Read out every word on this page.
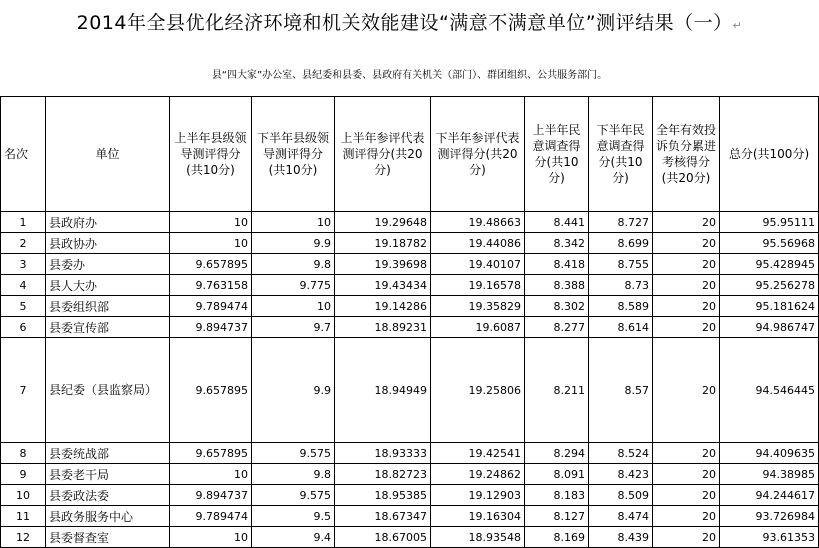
2014年全县优化经济环境和机关效能建设“满意不满意单位”测评结果（一）↵
县“四大家”办公室、县纪委和县委、县政府有关机关（部门）、群团组织、公共服务部门。
名次	单位	上半年县级领导测评得分(共10分)	下半年县级领导测评得分(共10分)	上半年参评代表测评得分(共20分)	下半年参评代表测评得分(共20分)	上半年民意调查得分(共10分)	下半年民意调查得分(共10分)	全年有效投诉负分累进考核得分(共20分)	总分(共100分)
1	县政府办	10	10	19.29648	19.48663	8.441	8.727	20	95.95111
2	县政协办	10	9.9	19.18782	19.44086	8.342	8.699	20	95.56968
3	县委办	9.657895	9.8	19.39698	19.40107	8.418	8.755	20	95.428945
4	县人大办	9.763158	9.775	19.43434	19.16578	8.388	8.73	20	95.256278
5	县委组织部	9.789474	10	19.14286	19.35829	8.302	8.589	20	95.181624
6	县委宣传部	9.894737	9.7	18.89231	19.6087	8.277	8.614	20	94.986747
7	县纪委（县监察局）	9.657895	9.9	18.94949	19.25806	8.211	8.57	20	94.546445
8	县委统战部	9.657895	9.575	18.93333	19.42541	8.294	8.524	20	94.409635
9	县委老干局	10	9.8	18.82723	19.24862	8.091	8.423	20	94.38985
10	县委政法委	9.894737	9.575	18.95385	19.12903	8.183	8.509	20	94.244617
11	县政务服务中心	9.789474	9.5	18.67347	19.16304	8.127	8.474	20	93.726984
12	县委督查室	10	9.4	18.67005	18.93548	8.169	8.439	20	93.61353
